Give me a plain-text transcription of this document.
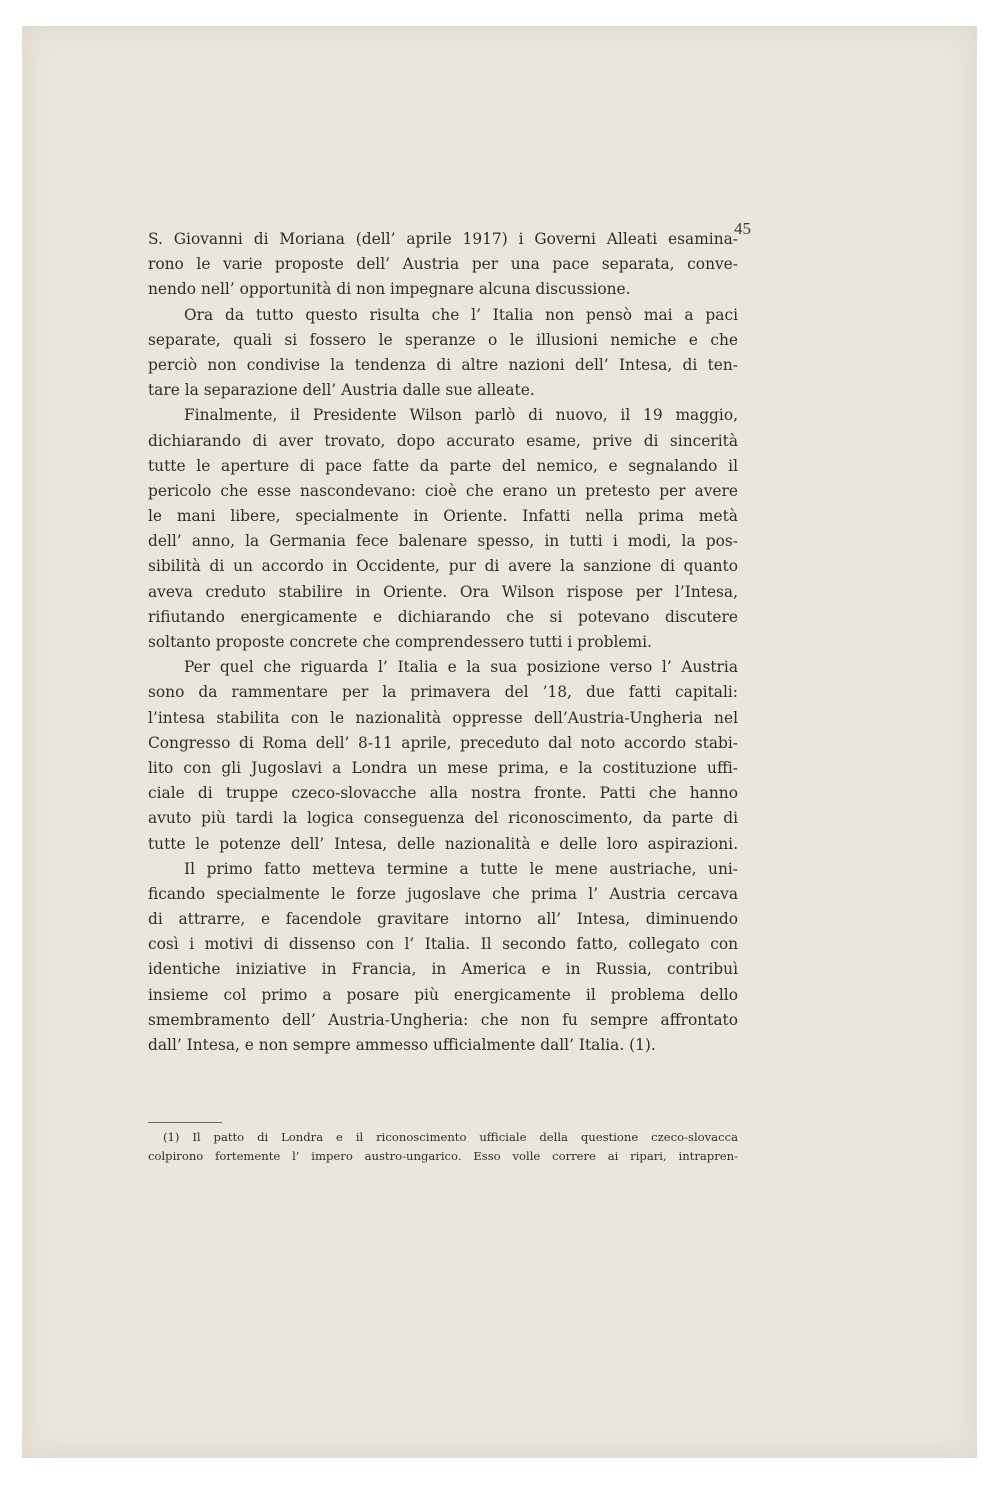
45
S. Giovanni di Moriana (dell’ aprile 1917) i Governi Alleati esamina-
rono le varie proposte dell’ Austria per una pace separata, conve-
nendo nell’ opportunità di non impegnare alcuna discussione.
Ora da tutto questo risulta che l’ Italia non pensò mai a paci
separate, quali si fossero le speranze o le illusioni nemiche e che
perciò non condivise la tendenza di altre nazioni dell’ Intesa, di ten-
tare la separazione dell’ Austria dalle sue alleate.
Finalmente, il Presidente Wilson parlò di nuovo, il 19 maggio,
dichiarando di aver trovato, dopo accurato esame, prive di sincerità
tutte le aperture di pace fatte da parte del nemico, e segnalando il
pericolo che esse nascondevano: cioè che erano un pretesto per avere
le mani libere, specialmente in Oriente. Infatti nella prima metà
dell’ anno, la Germania fece balenare spesso, in tutti i modi, la pos-
sibilità di un accordo in Occidente, pur di avere la sanzione di quanto
aveva creduto stabilire in Oriente. Ora Wilson rispose per l’Intesa,
rifiutando energicamente e dichiarando che si potevano discutere
soltanto proposte concrete che comprendessero tutti i problemi.
Per quel che riguarda l’ Italia e la sua posizione verso l’ Austria
sono da rammentare per la primavera del ’18, due fatti capitali:
l’intesa stabilita con le nazionalità oppresse dell’Austria-Ungheria nel
Congresso di Roma dell’ 8-11 aprile, preceduto dal noto accordo stabi-
lito con gli Jugoslavi a Londra un mese prima, e la costituzione uffi-
ciale di truppe czeco-slovacche alla nostra fronte. Patti che hanno
avuto più tardi la logica conseguenza del riconoscimento, da parte di
tutte le potenze dell’ Intesa, delle nazionalità e delle loro aspirazioni.
Il primo fatto metteva termine a tutte le mene austriache, uni-
ficando specialmente le forze jugoslave che prima l’ Austria cercava
di attrarre, e facendole gravitare intorno all’ Intesa, diminuendo
così i motivi di dissenso con l’ Italia. Il secondo fatto, collegato con
identiche iniziative in Francia, in America e in Russia, contribuì
insieme col primo a posare più energicamente il problema dello
smembramento dell’ Austria-Ungheria: che non fu sempre affrontato
dall’ Intesa, e non sempre ammesso ufficialmente dall’ Italia. (1).
(1) Il patto di Londra e il riconoscimento ufficiale della questione czeco-slovacca
colpirono fortemente l’ impero austro-ungarico. Esso volle correre ai ripari, intrapren-
